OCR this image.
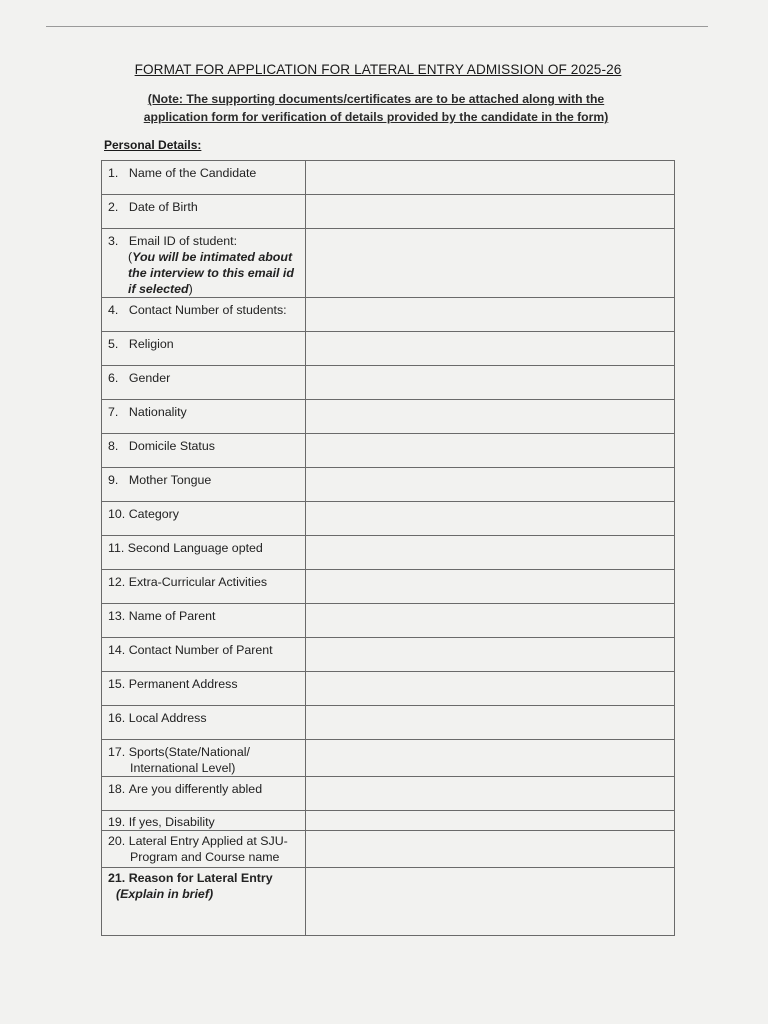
FORMAT FOR APPLICATION FOR LATERAL ENTRY ADMISSION OF 2025-26
(Note: The supporting documents/certificates are to be attached along with the application form for verification of details provided by the candidate in the form)
Personal Details:
1. Name of the Candidate	
2. Date of Birth	
3. Email ID of student:
(You will be intimated about the interview to this email id if selected)	

4. Contact Number of students:	
5. Religion	
6. Gender	
7. Nationality	
8. Domicile Status	
9. Mother Tongue	
10. Category	
11. Second Language opted	
12. Extra-Curricular Activities	
13. Name of Parent	
14. Contact Number of Parent	
15. Permanent Address	
16. Local Address	
17. Sports(State/National/
International Level)	

18. Are you differently abled	
19. If yes, Disability	
20. Lateral Entry Applied at SJU-
Program and Course name	

21. Reason for Lateral Entry
(Explain in brief)	
